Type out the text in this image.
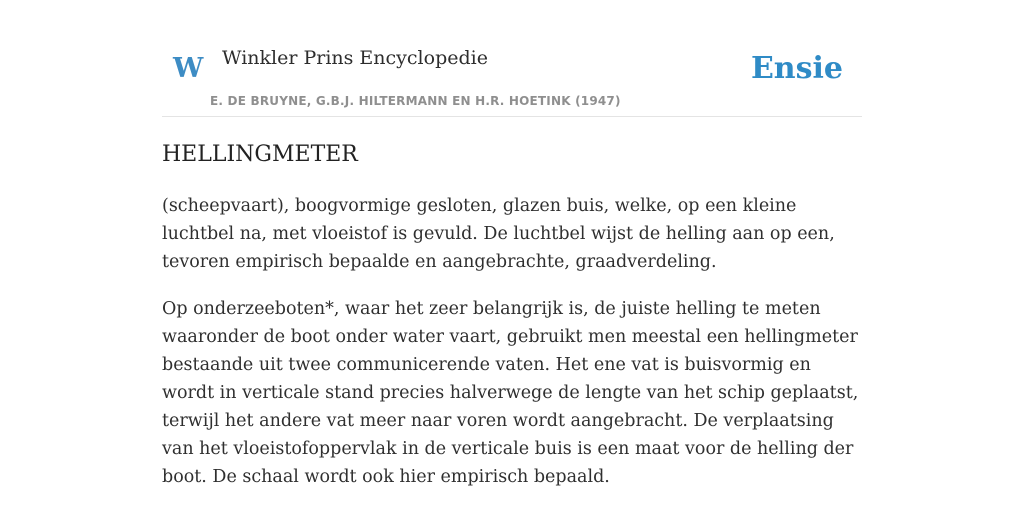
W Winkler Prins Encyclopedie
E. DE BRUYNE, G.B.J. HILTERMANN EN H.R. HOETINK (1947)
Ensie
HELLINGMETER

(scheepvaart), boogvormige gesloten, glazen buis, welke, op een kleine luchtbel na, met vloeistof is gevuld. De luchtbel wijst de helling aan op een, tevoren empirisch bepaalde en aangebrachte, graadverdeling.

Op onderzeeboten*, waar het zeer belangrijk is, de juiste helling te meten waaronder de boot onder water vaart, gebruikt men meestal een hellingmeter bestaande uit twee communicerende vaten. Het ene vat is buisvormig en wordt in verticale stand precies halverwege de lengte van het schip geplaatst, terwijl het andere vat meer naar voren wordt aangebracht. De verplaatsing van het vloeistofoppervlak in de verticale buis is een maat voor de helling der boot. De schaal wordt ook hier empirisch bepaald.
